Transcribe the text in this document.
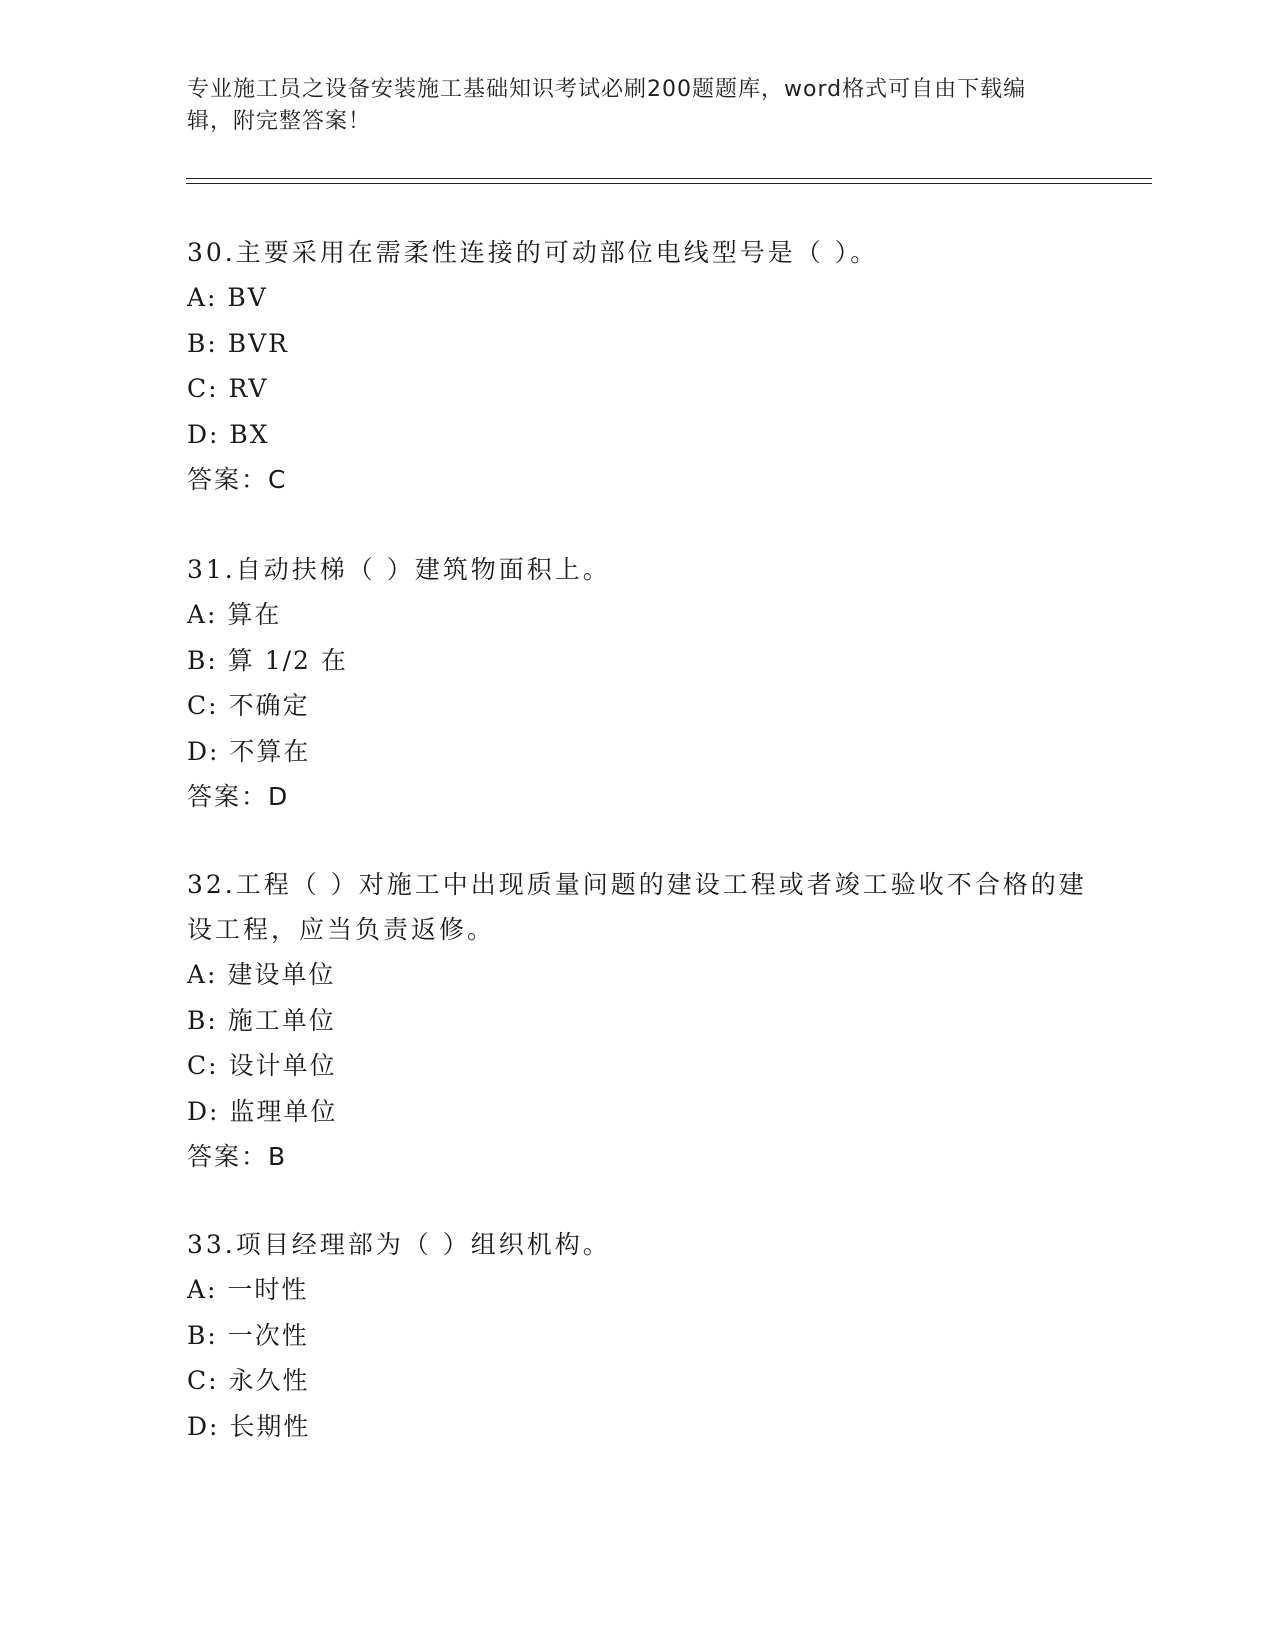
专业施工员之设备安装施工基础知识考试必刷200题题库，word格式可自由下载编辑，附完整答案！

30.主要采用在需柔性连接的可动部位电线型号是（ ）。

A: BV

B: BVR

C: RV

D: BX

答案：C

31.自动扶梯（ ）建筑物面积上。

A: 算在

B: 算 1/2 在

C: 不确定

D: 不算在

答案：D

32.工程（ ）对施工中出现质量问题的建设工程或者竣工验收不合格的建设工程，应当负责返修。

A: 建设单位

B: 施工单位

C: 设计单位

D: 监理单位

答案：B

33.项目经理部为（ ）组织机构。

A: 一时性

B: 一次性

C: 永久性

D: 长期性
